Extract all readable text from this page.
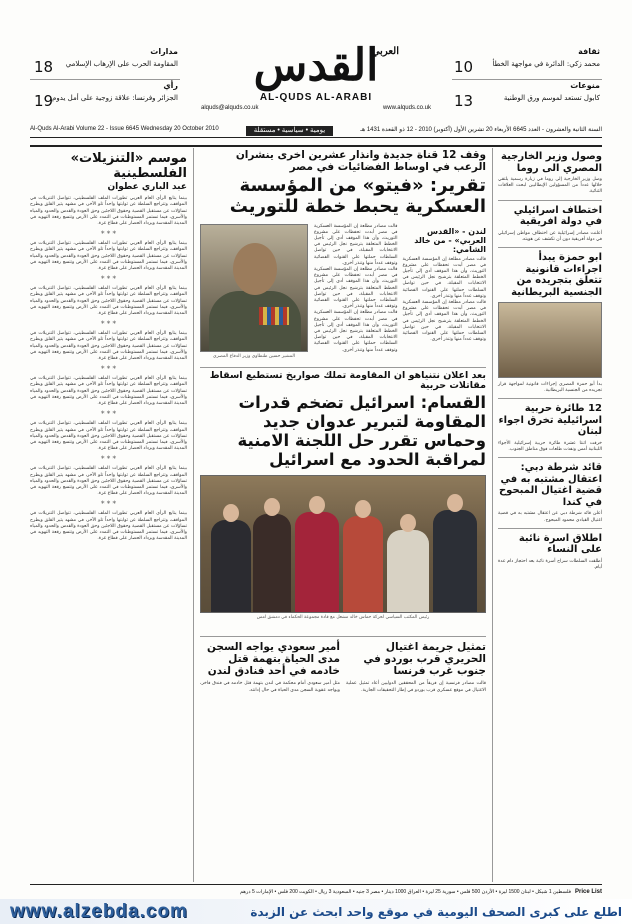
مدارات
المقاومة الحرب على الإرهاب الإسلامي
18
رأي
الجزائر وفرنسا: علاقة زوجية على أمل يدوم
19
القدس
العربي
AL-QUDS AL-ARABI
alquds@alquds.co.uk	www.alquds.co.uk
ثقافة
محمد زكي: الدائرة في مواجهة الخطأ
10
منوعات
كابول تستعد لموسم ورق الوطنية
13
Al-Quds Al-Arabi Volume 22 - Issue 6645 Wednesday 20 October 2010	يومية • سياسية • مستقلة	السنة الثانية والعشرون - العدد 6645 الأربعاء 20 تشرين الأول (أكتوبر) 2010 - 12 ذو القعدة 1431 هـ
موسم «التنزيلات» الفلسطينية
عبد الباري عطوان
بينما يتابع الرأي العام العربي تطورات الملف الفلسطيني، تتواصل التنزيلات في المواقف، وتتراجع السلطة عن ثوابتها واحداً تلو الآخر، في مشهد يثير القلق ويطرح تساؤلات عن مستقبل القضية وحقوق اللاجئين وحق العودة والقدس والحدود والمياه والأسرى، فيما تستمر المستوطنات في التمدد على الأرض وتتسع رقعة التهويد في المدينة المقدسة ويزداد الحصار على قطاع غزة.
* * *
بينما يتابع الرأي العام العربي تطورات الملف الفلسطيني، تتواصل التنزيلات في المواقف، وتتراجع السلطة عن ثوابتها واحداً تلو الآخر، في مشهد يثير القلق ويطرح تساؤلات عن مستقبل القضية وحقوق اللاجئين وحق العودة والقدس والحدود والمياه والأسرى، فيما تستمر المستوطنات في التمدد على الأرض وتتسع رقعة التهويد في المدينة المقدسة ويزداد الحصار على قطاع غزة.
* * *
بينما يتابع الرأي العام العربي تطورات الملف الفلسطيني، تتواصل التنزيلات في المواقف، وتتراجع السلطة عن ثوابتها واحداً تلو الآخر، في مشهد يثير القلق ويطرح تساؤلات عن مستقبل القضية وحقوق اللاجئين وحق العودة والقدس والحدود والمياه والأسرى، فيما تستمر المستوطنات في التمدد على الأرض وتتسع رقعة التهويد في المدينة المقدسة ويزداد الحصار على قطاع غزة.
* * *
بينما يتابع الرأي العام العربي تطورات الملف الفلسطيني، تتواصل التنزيلات في المواقف، وتتراجع السلطة عن ثوابتها واحداً تلو الآخر، في مشهد يثير القلق ويطرح تساؤلات عن مستقبل القضية وحقوق اللاجئين وحق العودة والقدس والحدود والمياه والأسرى، فيما تستمر المستوطنات في التمدد على الأرض وتتسع رقعة التهويد في المدينة المقدسة ويزداد الحصار على قطاع غزة.
* * *
بينما يتابع الرأي العام العربي تطورات الملف الفلسطيني، تتواصل التنزيلات في المواقف، وتتراجع السلطة عن ثوابتها واحداً تلو الآخر، في مشهد يثير القلق ويطرح تساؤلات عن مستقبل القضية وحقوق اللاجئين وحق العودة والقدس والحدود والمياه والأسرى، فيما تستمر المستوطنات في التمدد على الأرض وتتسع رقعة التهويد في المدينة المقدسة ويزداد الحصار على قطاع غزة.
* * *
بينما يتابع الرأي العام العربي تطورات الملف الفلسطيني، تتواصل التنزيلات في المواقف، وتتراجع السلطة عن ثوابتها واحداً تلو الآخر، في مشهد يثير القلق ويطرح تساؤلات عن مستقبل القضية وحقوق اللاجئين وحق العودة والقدس والحدود والمياه والأسرى، فيما تستمر المستوطنات في التمدد على الأرض وتتسع رقعة التهويد في المدينة المقدسة ويزداد الحصار على قطاع غزة.
* * *
بينما يتابع الرأي العام العربي تطورات الملف الفلسطيني، تتواصل التنزيلات في المواقف، وتتراجع السلطة عن ثوابتها واحداً تلو الآخر، في مشهد يثير القلق ويطرح تساؤلات عن مستقبل القضية وحقوق اللاجئين وحق العودة والقدس والحدود والمياه والأسرى، فيما تستمر المستوطنات في التمدد على الأرض وتتسع رقعة التهويد في المدينة المقدسة ويزداد الحصار على قطاع غزة.
* * *
بينما يتابع الرأي العام العربي تطورات الملف الفلسطيني، تتواصل التنزيلات في المواقف، وتتراجع السلطة عن ثوابتها واحداً تلو الآخر، في مشهد يثير القلق ويطرح تساؤلات عن مستقبل القضية وحقوق اللاجئين وحق العودة والقدس والحدود والمياه والأسرى، فيما تستمر المستوطنات في التمدد على الأرض وتتسع رقعة التهويد في المدينة المقدسة ويزداد الحصار على قطاع غزة.
وقف 12 قناة جديدة وانذار عشرين اخرى ينشران الرعب في اوساط الفضائيات في مصر
تقرير: «فيتو» من المؤسسة العسكرية يحبط خطة للتوريث
المشير حسين طنطاوي وزير الدفاع المصري
قالت مصادر مطلعة إن المؤسسة العسكرية في مصر أبدت تحفظات على مشروع التوريث، وأن هذا الموقف أدى إلى تأجيل الخطط المتعلقة بترشيح نجل الرئيس في الانتخابات المقبلة، في حين تواصل السلطات حملتها على القنوات الفضائية وتوقف عدداً منها وتنذر أخرى.
قالت مصادر مطلعة إن المؤسسة العسكرية في مصر أبدت تحفظات على مشروع التوريث، وأن هذا الموقف أدى إلى تأجيل الخطط المتعلقة بترشيح نجل الرئيس في الانتخابات المقبلة، في حين تواصل السلطات حملتها على القنوات الفضائية وتوقف عدداً منها وتنذر أخرى.
قالت مصادر مطلعة إن المؤسسة العسكرية في مصر أبدت تحفظات على مشروع التوريث، وأن هذا الموقف أدى إلى تأجيل الخطط المتعلقة بترشيح نجل الرئيس في الانتخابات المقبلة، في حين تواصل السلطات حملتها على القنوات الفضائية وتوقف عدداً منها وتنذر أخرى.
لندن - «القدس العربي» - من خالد الشامي:
قالت مصادر مطلعة إن المؤسسة العسكرية في مصر أبدت تحفظات على مشروع التوريث، وأن هذا الموقف أدى إلى تأجيل الخطط المتعلقة بترشيح نجل الرئيس في الانتخابات المقبلة، في حين تواصل السلطات حملتها على القنوات الفضائية وتوقف عدداً منها وتنذر أخرى.
قالت مصادر مطلعة إن المؤسسة العسكرية في مصر أبدت تحفظات على مشروع التوريث، وأن هذا الموقف أدى إلى تأجيل الخطط المتعلقة بترشيح نجل الرئيس في الانتخابات المقبلة، في حين تواصل السلطات حملتها على القنوات الفضائية وتوقف عدداً منها وتنذر أخرى.
بعد اعلان نتنياهو ان المقاومة تملك صواريخ تستطيع اسقاط مقاتلات حربية
القسام: اسرائيل تضخم قدرات المقاومة لتبرير عدوان جديد وحماس تقرر حل اللجنة الامنية لمراقبة الحدود مع اسرائيل
رئيس المكتب السياسي لحركة حماس خالد مشعل مع قادة مجموعة الحكماء في دمشق امس
أمير سعودي يواجه السجن مدى الحياة بتهمة قتل خادمه في أحد فنادق لندن
مثل أمير سعودي أمام محكمة في لندن بتهمة قتل خادمه في فندق فاخر، ويواجه عقوبة السجن مدى الحياة في حال إدانته.
تمثيل جريمة اغتيال الحريري قرب بوردو في جنوب غرب فرنسا
قالت مصادر فرنسية إن فريقاً من المحققين الدوليين أعاد تمثيل عملية الاغتيال في موقع عسكري قرب بوردو في إطار التحقيقات الجارية.
وصول وزير الخارجية المصري الى روما
وصل وزير الخارجية إلى روما في زيارة رسمية يلتقي خلالها عدداً من المسؤولين الإيطاليين لبحث العلاقات الثنائية.
اختطاف اسرائيلي في دولة افريقية
أعلنت مصادر إسرائيلية عن اختطاف مواطن إسرائيلي في دولة أفريقية دون أن تكشف عن هويته.
ابو حمزة يبدأ اجراءات قانونية تتعلق بتجريده من الجنسية البريطانية
بدأ أبو حمزة المصري إجراءات قانونية لمواجهة قرار تجريده من الجنسية البريطانية.
12 طائرة حربية اسرائيلية تخرق اجواء لبنان
خرقت اثنتا عشرة طائرة حربية إسرائيلية الأجواء اللبنانية أمس ونفذت طلعات فوق مناطق الجنوب.
قائد شرطة دبي: اعتقال مشتبه به في قضية اغتيال المبحوح في كندا
أعلن قائد شرطة دبي عن اعتقال مشتبه به في قضية اغتيال القيادي محمود المبحوح.
اطلاق اسرة نائبة على النساء
أطلقت السلطات سراح أسرة نائبة بعد احتجاز دام عدة أيام.
Price List
فلسطين 1 شيكل • لبنان 1500 ليرة • الأردن 500 فلس • سورية 25 ليرة • العراق 1000 دينار • مصر 3 جنيه • السعودية 3 ريال • الكويت 200 فلس • الإمارات 5 درهم
www.alzebda.com	اطلع على كبرى الصحف اليومية في موقع واحد ابحث عن الزبدة
